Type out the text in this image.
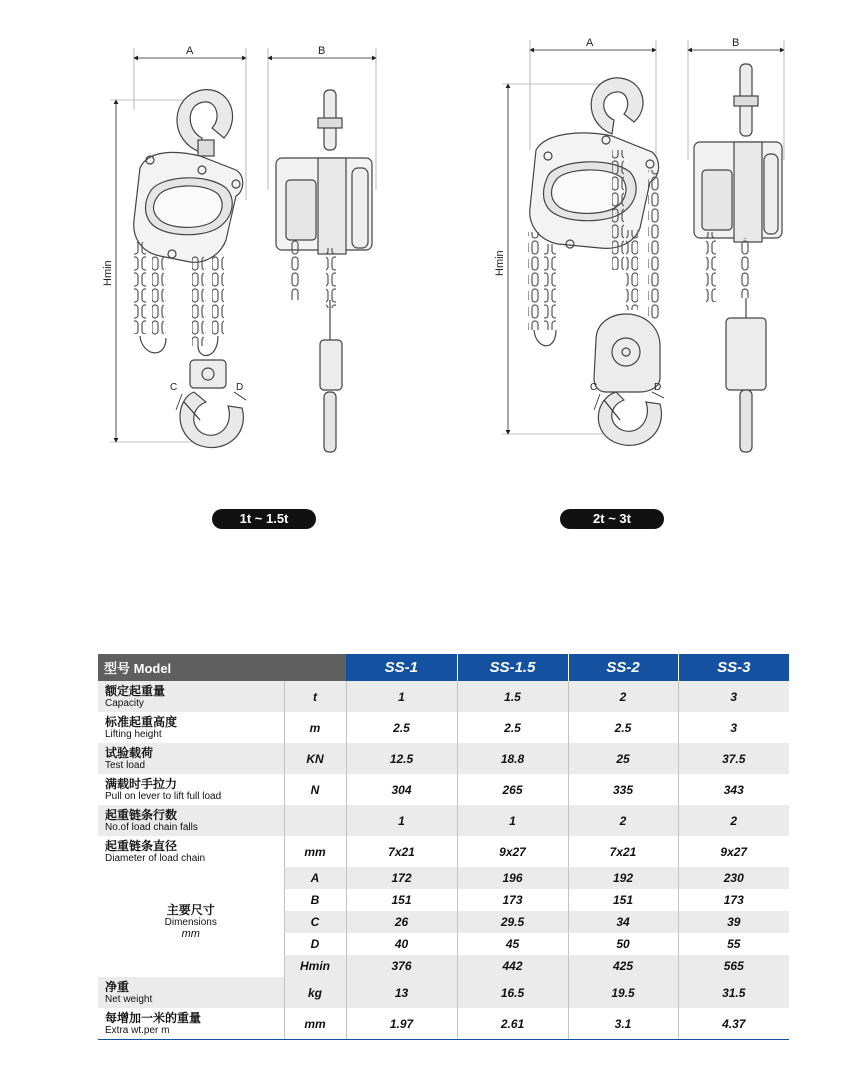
A
Hmin
C	D
B
A
Hmin
C	D
B
1t ~ 1.5t	2t ~ 3t
型号 Model		SS-1	SS-1.5	SS-2	SS-3

额定起重量
Capacity	t	1	1.5	2	3

标准起重高度
Lifting height	m	2.5	2.5	2.5	3

试验载荷
Test load	KN	12.5	18.8	25	37.5

满载时手拉力
Pull on lever to lift full load	N	304	265	335	343

起重链条行数
No.of load chain falls		1	1	2	2

起重链条直径
Diameter of load chain	mm	7x21	9x27	7x21	9x27

主要尺寸
Dimensions
mm	A	172	196	192	230
	B	151	173	151	173
	C	26	29.5	34	39
	D	40	45	50	55
	Hmin	376	442	425	565

净重
Net weight	kg	13	16.5	19.5	31.5

每增加一米的重量
Extra wt.per m	mm	1.97	2.61	3.1	4.37
